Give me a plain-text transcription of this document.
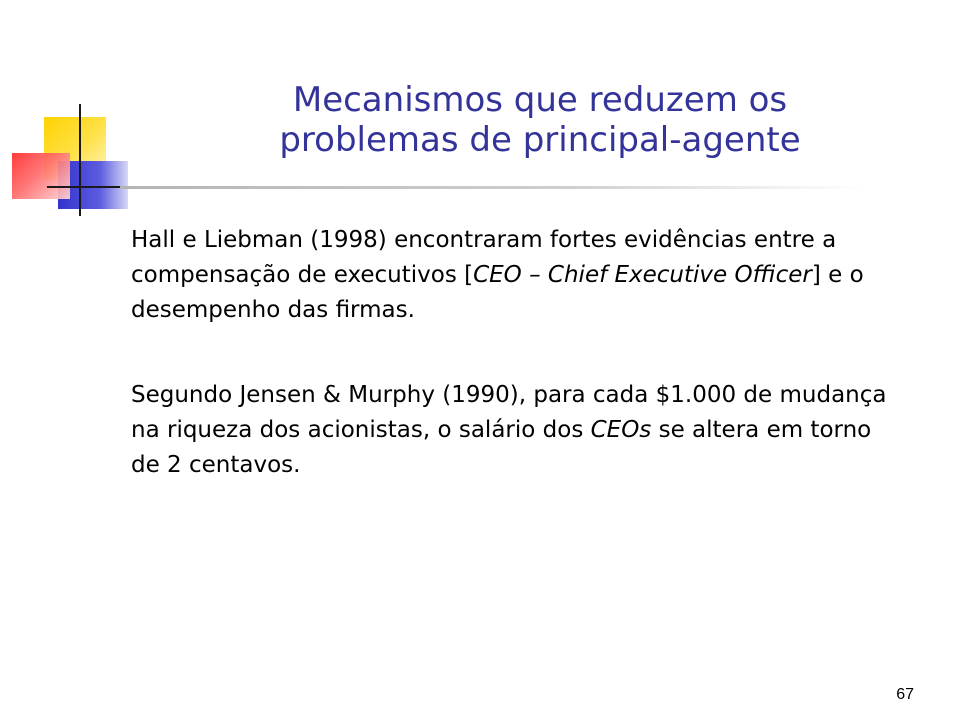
Mecanismos que reduzem os
problemas de principal-agente

Hall e Liebman (1998) encontraram fortes evidências entre a compensação de executivos [CEO – Chief Executive Officer] e o desempenho das firmas.

Segundo Jensen & Murphy (1990), para cada $1.000 de mudança na riqueza dos acionistas, o salário dos CEOs se altera em torno de 2 centavos.

67
